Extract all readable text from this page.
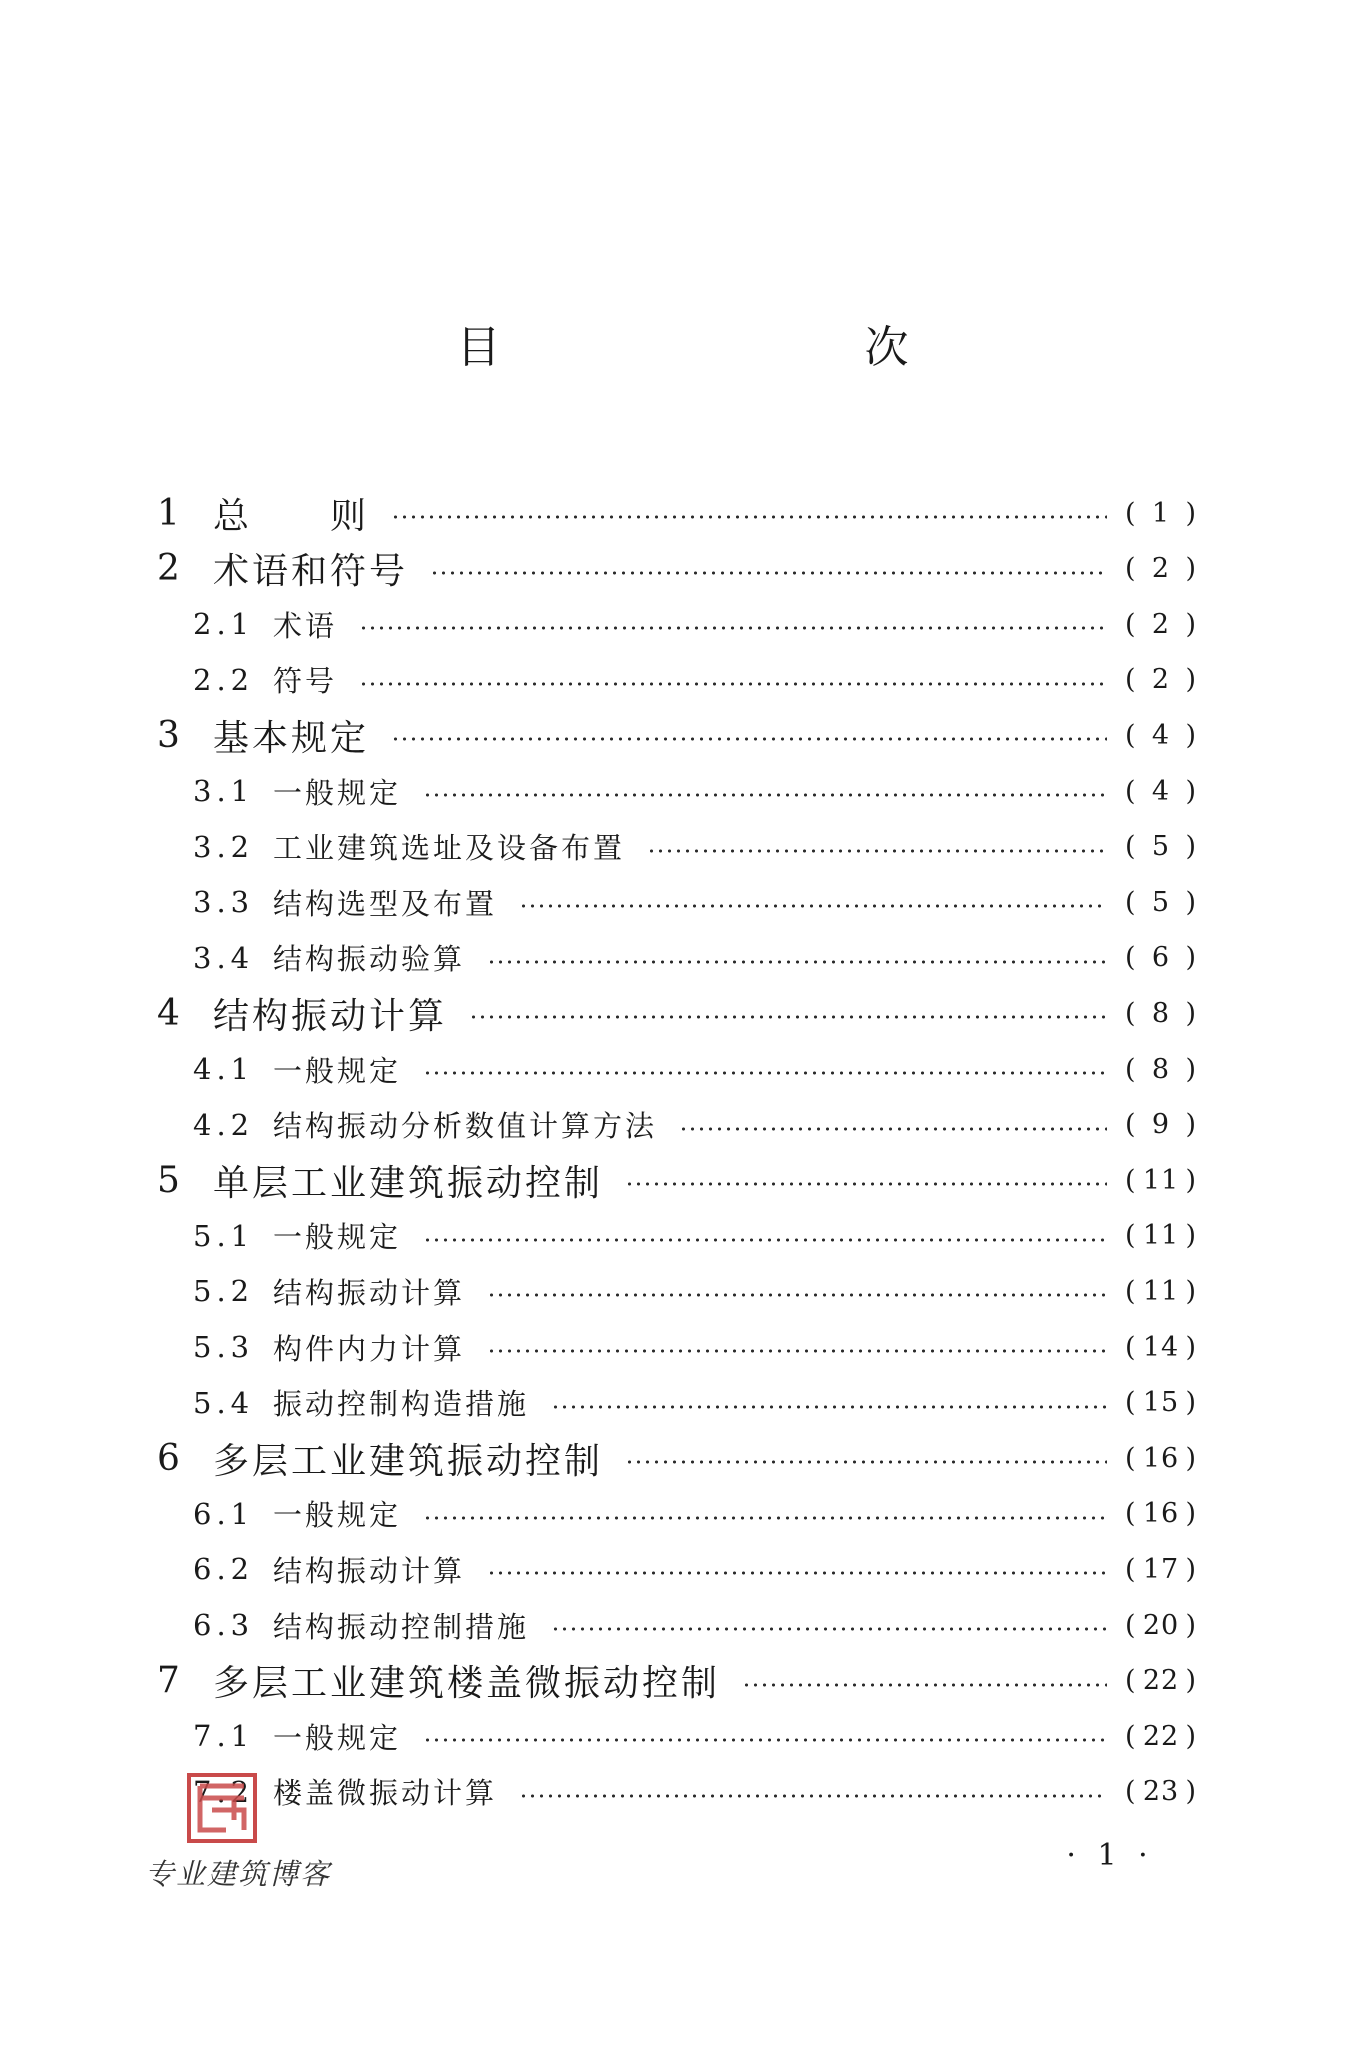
目　　次
1 总　　则	( 1 )
2 术语和符号	( 2 )
2.1 术语	( 2 )
2.2 符号	( 2 )
3 基本规定	( 4 )
3.1 一般规定	( 4 )
3.2 工业建筑选址及设备布置	( 5 )
3.3 结构选型及布置	( 5 )
3.4 结构振动验算	( 6 )
4 结构振动计算	( 8 )
4.1 一般规定	( 8 )
4.2 结构振动分析数值计算方法	( 9 )
5 单层工业建筑振动控制	( 11 )
5.1 一般规定	( 11 )
5.2 结构振动计算	( 11 )
5.3 构件内力计算	( 14 )
5.4 振动控制构造措施	( 15 )
6 多层工业建筑振动控制	( 16 )
6.1 一般规定	( 16 )
6.2 结构振动计算	( 17 )
6.3 结构振动控制措施	( 20 )
7 多层工业建筑楼盖微振动控制	( 22 )
7.1 一般规定	( 22 )
7.2 楼盖微振动计算	( 23 )
专业建筑博客
· 1 ·
